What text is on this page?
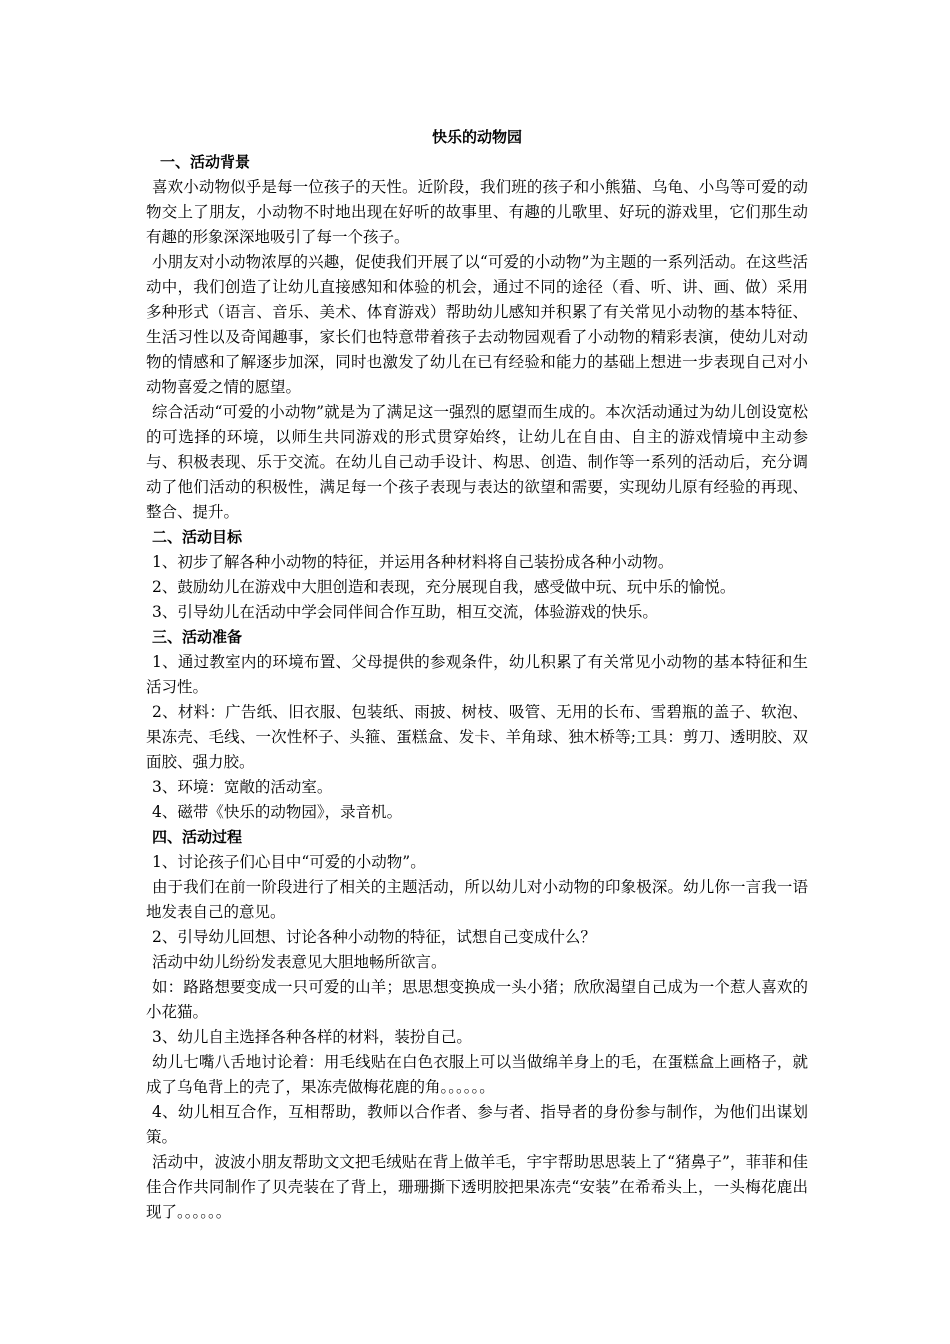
快乐的动物园
一、活动背景

喜欢小动物似乎是每一位孩子的天性。近阶段，我们班的孩子和小熊猫、乌龟、小鸟等可爱的动物交上了朋友，小动物不时地出现在好听的故事里、有趣的儿歌里、好玩的游戏里，它们那生动有趣的形象深深地吸引了每一个孩子。

小朋友对小动物浓厚的兴趣，促使我们开展了以“可爱的小动物”为主题的一系列活动。在这些活动中，我们创造了让幼儿直接感知和体验的机会，通过不同的途径（看、听、讲、画、做）采用多种形式（语言、音乐、美术、体育游戏）帮助幼儿感知并积累了有关常见小动物的基本特征、生活习性以及奇闻趣事，家长们也特意带着孩子去动物园观看了小动物的精彩表演，使幼儿对动物的情感和了解逐步加深，同时也激发了幼儿在已有经验和能力的基础上想进一步表现自己对小动物喜爱之情的愿望。

综合活动“可爱的小动物”就是为了满足这一强烈的愿望而生成的。本次活动通过为幼儿创设宽松的可选择的环境，以师生共同游戏的形式贯穿始终，让幼儿在自由、自主的游戏情境中主动参与、积极表现、乐于交流。在幼儿自己动手设计、构思、创造、制作等一系列的活动后，充分调动了他们活动的积极性，满足每一个孩子表现与表达的欲望和需要，实现幼儿原有经验的再现、整合、提升。

二、活动目标

1、初步了解各种小动物的特征，并运用各种材料将自己装扮成各种小动物。

2、鼓励幼儿在游戏中大胆创造和表现，充分展现自我，感受做中玩、玩中乐的愉悦。

3、引导幼儿在活动中学会同伴间合作互助，相互交流，体验游戏的快乐。

三、活动准备

1、通过教室内的环境布置、父母提供的参观条件，幼儿积累了有关常见小动物的基本特征和生活习性。

2、材料：广告纸、旧衣服、包装纸、雨披、树枝、吸管、无用的长布、雪碧瓶的盖子、软泡、果冻壳、毛线、一次性杯子、头箍、蛋糕盒、发卡、羊角球、独木桥等;工具：剪刀、透明胶、双面胶、强力胶。

3、环境：宽敞的活动室。

4、磁带《快乐的动物园》，录音机。

四、活动过程

1、讨论孩子们心目中“可爱的小动物”。

由于我们在前一阶段进行了相关的主题活动，所以幼儿对小动物的印象极深。幼儿你一言我一语地发表自己的意见。

2、引导幼儿回想、讨论各种小动物的特征，试想自己变成什么？

活动中幼儿纷纷发表意见大胆地畅所欲言。

如：路路想要变成一只可爱的山羊；思思想变换成一头小猪；欣欣渴望自己成为一个惹人喜欢的小花猫。

3、幼儿自主选择各种各样的材料，装扮自己。

幼儿七嘴八舌地讨论着：用毛线贴在白色衣服上可以当做绵羊身上的毛，在蛋糕盒上画格子，就成了乌龟背上的壳了，果冻壳做梅花鹿的角。。。。。。

4、幼儿相互合作，互相帮助，教师以合作者、参与者、指导者的身份参与制作，为他们出谋划策。

活动中，波波小朋友帮助文文把毛绒贴在背上做羊毛，宇宇帮助思思装上了“猪鼻子”，菲菲和佳佳合作共同制作了贝壳装在了背上，珊珊撕下透明胶把果冻壳“安装”在希希头上，一头梅花鹿出现了。。。。。。
